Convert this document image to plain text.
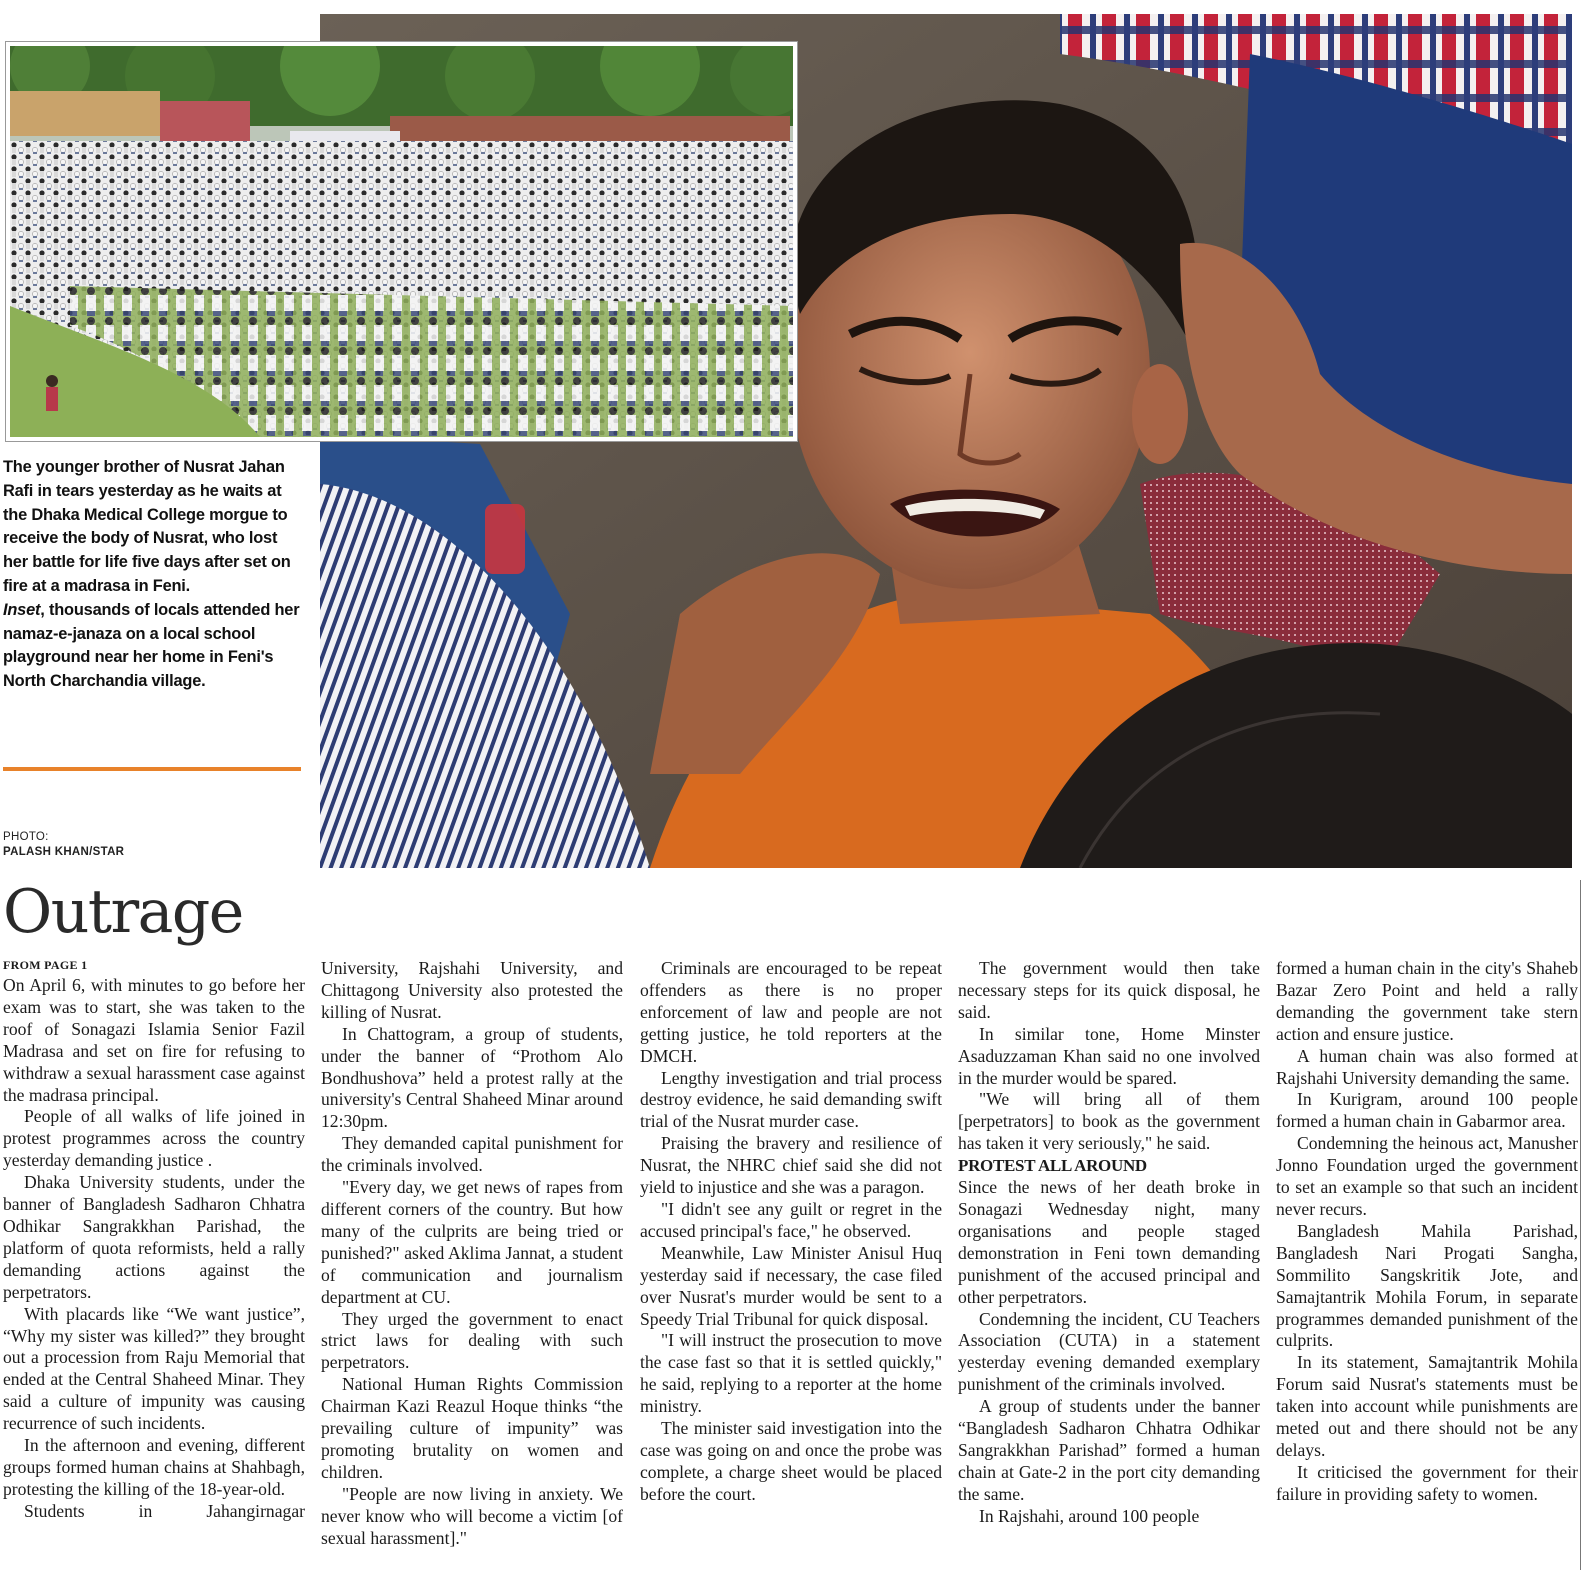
The younger brother of Nusrat Jahan Rafi in tears yesterday as he waits at the Dhaka Medical College morgue to receive the body of Nusrat, who lost her battle for life five days after set on fire at a madrasa in Feni.
Inset, thousands of locals attended her namaz-e-janaza on a local school playground near her home in Feni's North Charchandia village.
PHOTO:
PALASH KHAN/STAR
Outrage

FROM PAGE 1

On April 6, with minutes to go before her exam was to start, she was taken to the roof of Sonagazi Islamia Senior Fazil Madrasa and set on fire for refusing to withdraw a sexual harassment case against the madrasa principal.

People of all walks of life joined in protest programmes across the country yesterday demanding justice .

Dhaka University students, under the banner of Bangladesh Sadharon Chhatra Odhikar Sangrakkhan Parishad, the platform of quota reformists, held a rally demanding actions against the perpetrators.

With placards like “We want justice”, “Why my sister was killed?” they brought out a procession from Raju Memorial that ended at the Central Shaheed Minar. They said a culture of impunity was causing recurrence of such incidents.

In the afternoon and evening, different groups formed human chains at Shahbagh, protesting the killing of the 18-year-old.

Students in Jahangirnagar

University, Rajshahi University, and Chittagong University also protested the killing of Nusrat.

In Chattogram, a group of students, under the banner of “Prothom Alo Bondhushova” held a protest rally at the university's Central Shaheed Minar around 12:30pm.

They demanded capital punishment for the criminals involved.

"Every day, we get news of rapes from different corners of the country. But how many of the culprits are being tried or punished?" asked Aklima Jannat, a student of communication and journalism department at CU.

They urged the government to enact strict laws for dealing with such perpetrators.

National Human Rights Commission Chairman Kazi Reazul Hoque thinks “the prevailing culture of impunity” was promoting brutality on women and children.

"People are now living in anxiety. We never know who will become a victim [of sexual harassment]."

Criminals are encouraged to be repeat offenders as there is no proper enforcement of law and people are not getting justice, he told reporters at the DMCH.

Lengthy investigation and trial process destroy evidence, he said demanding swift trial of the Nusrat murder case.

Praising the bravery and resilience of Nusrat, the NHRC chief said she did not yield to injustice and she was a paragon.

"I didn't see any guilt or regret in the accused principal's face," he observed.

Meanwhile, Law Minister Anisul Huq yesterday said if necessary, the case filed over Nusrat's murder would be sent to a Speedy Trial Tribunal for quick disposal.

"I will instruct the prosecution to move the case fast so that it is settled quickly," he said, replying to a reporter at the home ministry.

The minister said investigation into the case was going on and once the probe was complete, a charge sheet would be placed before the court.

The government would then take necessary steps for its quick disposal, he said.

In similar tone, Home Minster Asaduzzaman Khan said no one involved in the murder would be spared.

"We will bring all of them [perpetrators] to book as the government has taken it very seriously," he said.

PROTEST ALL AROUND

Since the news of her death broke in Sonagazi Wednesday night, many organisations and people staged demonstration in Feni town demanding punishment of the accused principal and other perpetrators.

Condemning the incident, CU Teachers Association (CUTA) in a statement yesterday evening demanded exemplary punishment of the criminals involved.

A group of students under the banner “Bangladesh Sadharon Chhatra Odhikar Sangrakkhan Parishad” formed a human chain at Gate-2 in the port city demanding the same.

In Rajshahi, around 100 people

formed a human chain in the city's Shaheb Bazar Zero Point and held a rally demanding the government take stern action and ensure justice.

A human chain was also formed at Rajshahi University demanding the same.

In Kurigram, around 100 people formed a human chain in Gabarmor area.

Condemning the heinous act, Manusher Jonno Foundation urged the government to set an example so that such an incident never recurs.

Bangladesh Mahila Parishad, Bangladesh Nari Progati Sangha, Sommilito Sangskritik Jote, and Samajtantrik Mohila Forum, in separate programmes demanded punishment of the culprits.

In its statement, Samajtantrik Mohila Forum said Nusrat's statements must be taken into account while punishments are meted out and there should not be any delays.

It criticised the government for their failure in providing safety to women.
